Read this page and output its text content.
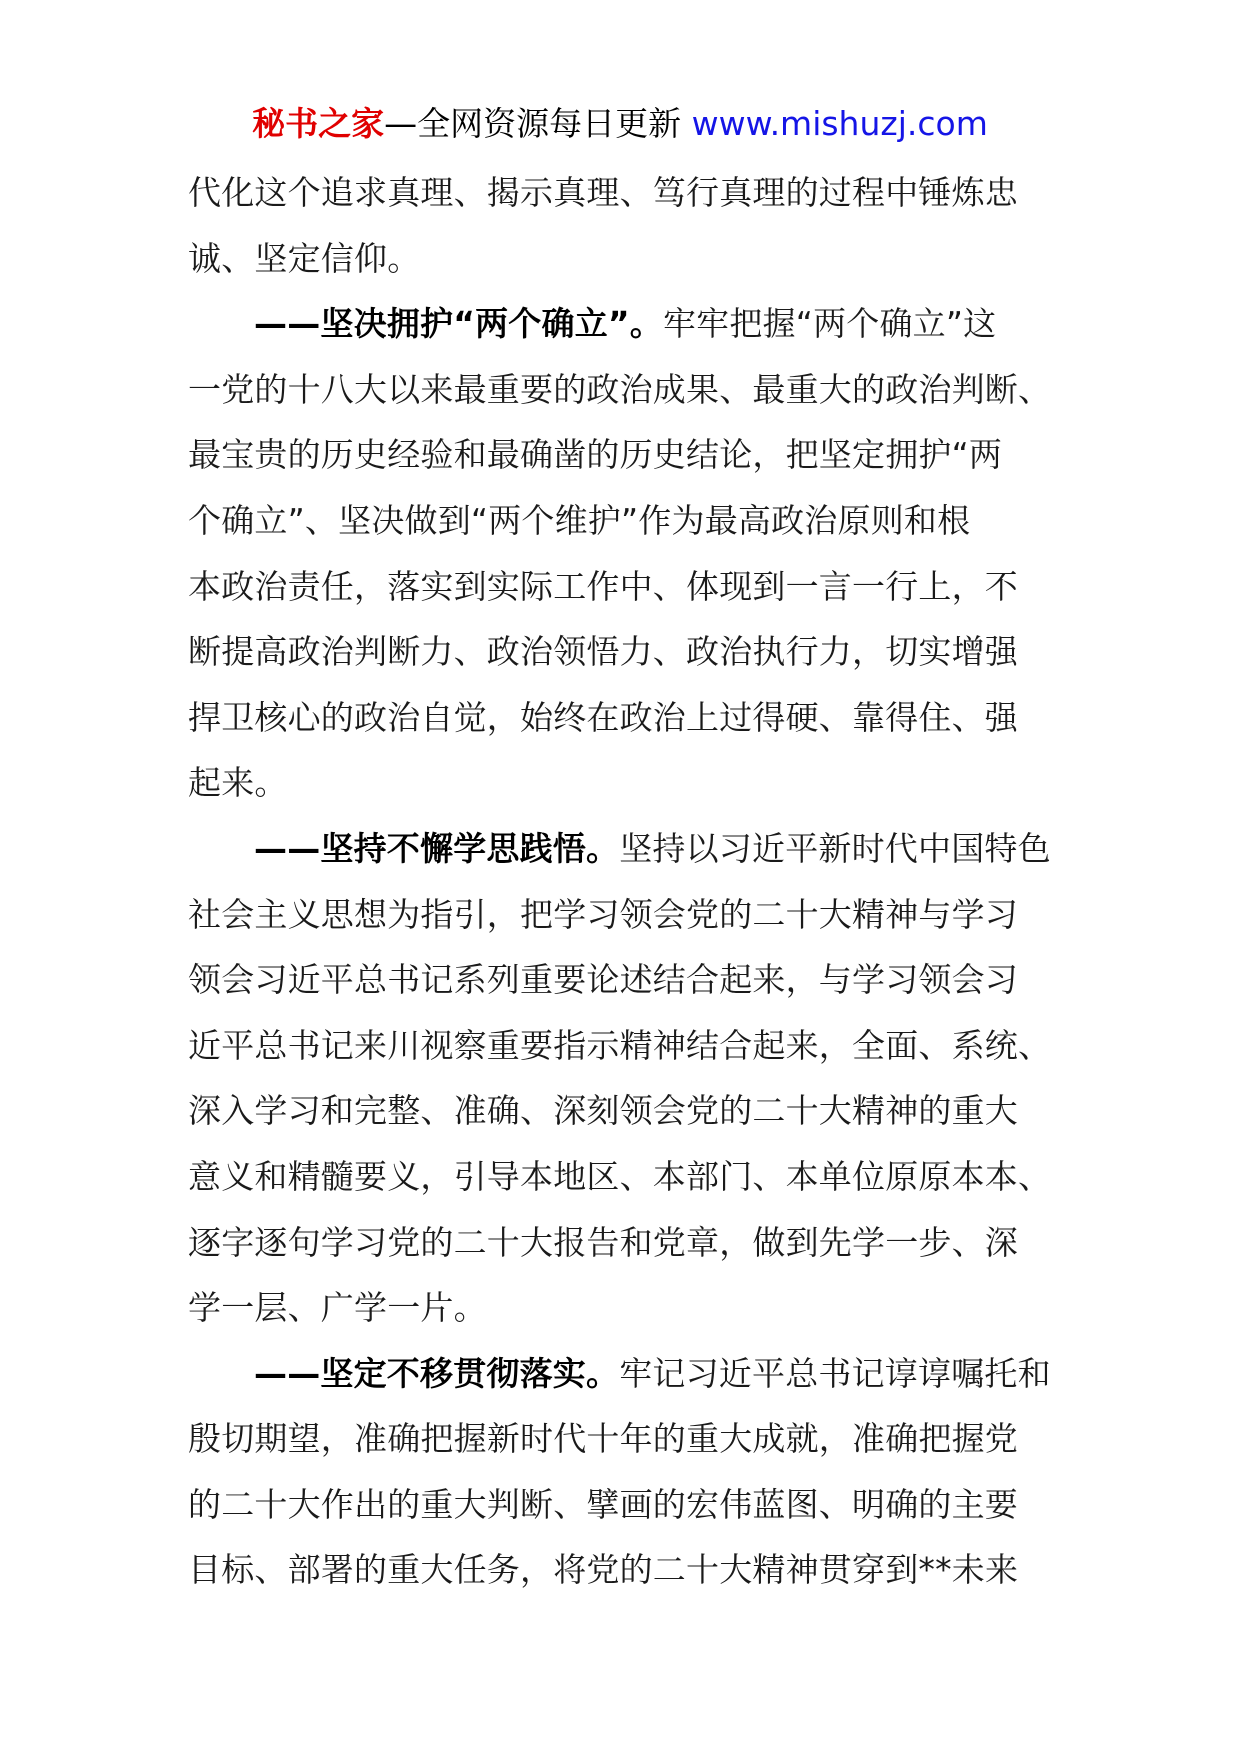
秘书之家—全网资源每日更新 www.mishuzj.com
代化这个追求真理、揭示真理、笃行真理的过程中锤炼忠
诚、坚定信仰。
——坚决拥护“两个确立”。牢牢把握“两个确立”这
一党的十八大以来最重要的政治成果、最重大的政治判断、
最宝贵的历史经验和最确凿的历史结论，把坚定拥护“两
个确立”、坚决做到“两个维护”作为最高政治原则和根
本政治责任，落实到实际工作中、体现到一言一行上，不
断提高政治判断力、政治领悟力、政治执行力，切实增强
捍卫核心的政治自觉，始终在政治上过得硬、靠得住、强
起来。
——坚持不懈学思践悟。坚持以习近平新时代中国特色
社会主义思想为指引，把学习领会党的二十大精神与学习
领会习近平总书记系列重要论述结合起来，与学习领会习
近平总书记来川视察重要指示精神结合起来，全面、系统、
深入学习和完整、准确、深刻领会党的二十大精神的重大
意义和精髓要义，引导本地区、本部门、本单位原原本本、
逐字逐句学习党的二十大报告和党章，做到先学一步、深
学一层、广学一片。
——坚定不移贯彻落实。牢记习近平总书记谆谆嘱托和
殷切期望，准确把握新时代十年的重大成就，准确把握党
的二十大作出的重大判断、擘画的宏伟蓝图、明确的主要
目标、部署的重大任务，将党的二十大精神贯穿到**未来
